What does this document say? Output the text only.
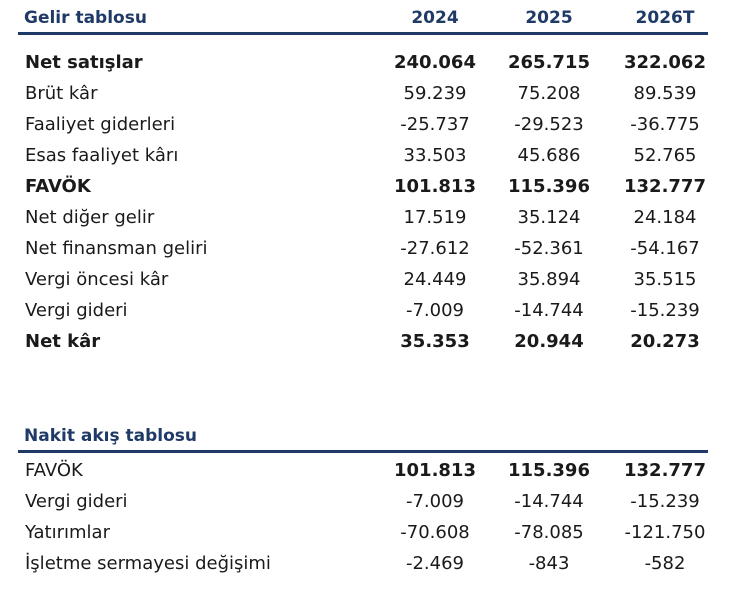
Gelir tablosu	2024	2025	2026T
Net satışlar	240.064	265.715	322.062
Brüt kâr	59.239	75.208	89.539
Faaliyet giderleri	-25.737	-29.523	-36.775
Esas faaliyet kârı	33.503	45.686	52.765
FAVÖK	101.813	115.396	132.777
Net diğer gelir	17.519	35.124	24.184
Net finansman geliri	-27.612	-52.361	-54.167
Vergi öncesi kâr	24.449	35.894	35.515
Vergi gideri	-7.009	-14.744	-15.239
Net kâr	35.353	20.944	20.273
Nakit akış tablosu
FAVÖK	101.813	115.396	132.777
Vergi gideri	-7.009	-14.744	-15.239
Yatırımlar	-70.608	-78.085	-121.750
İşletme sermayesi değişimi	-2.469	-843	-582
